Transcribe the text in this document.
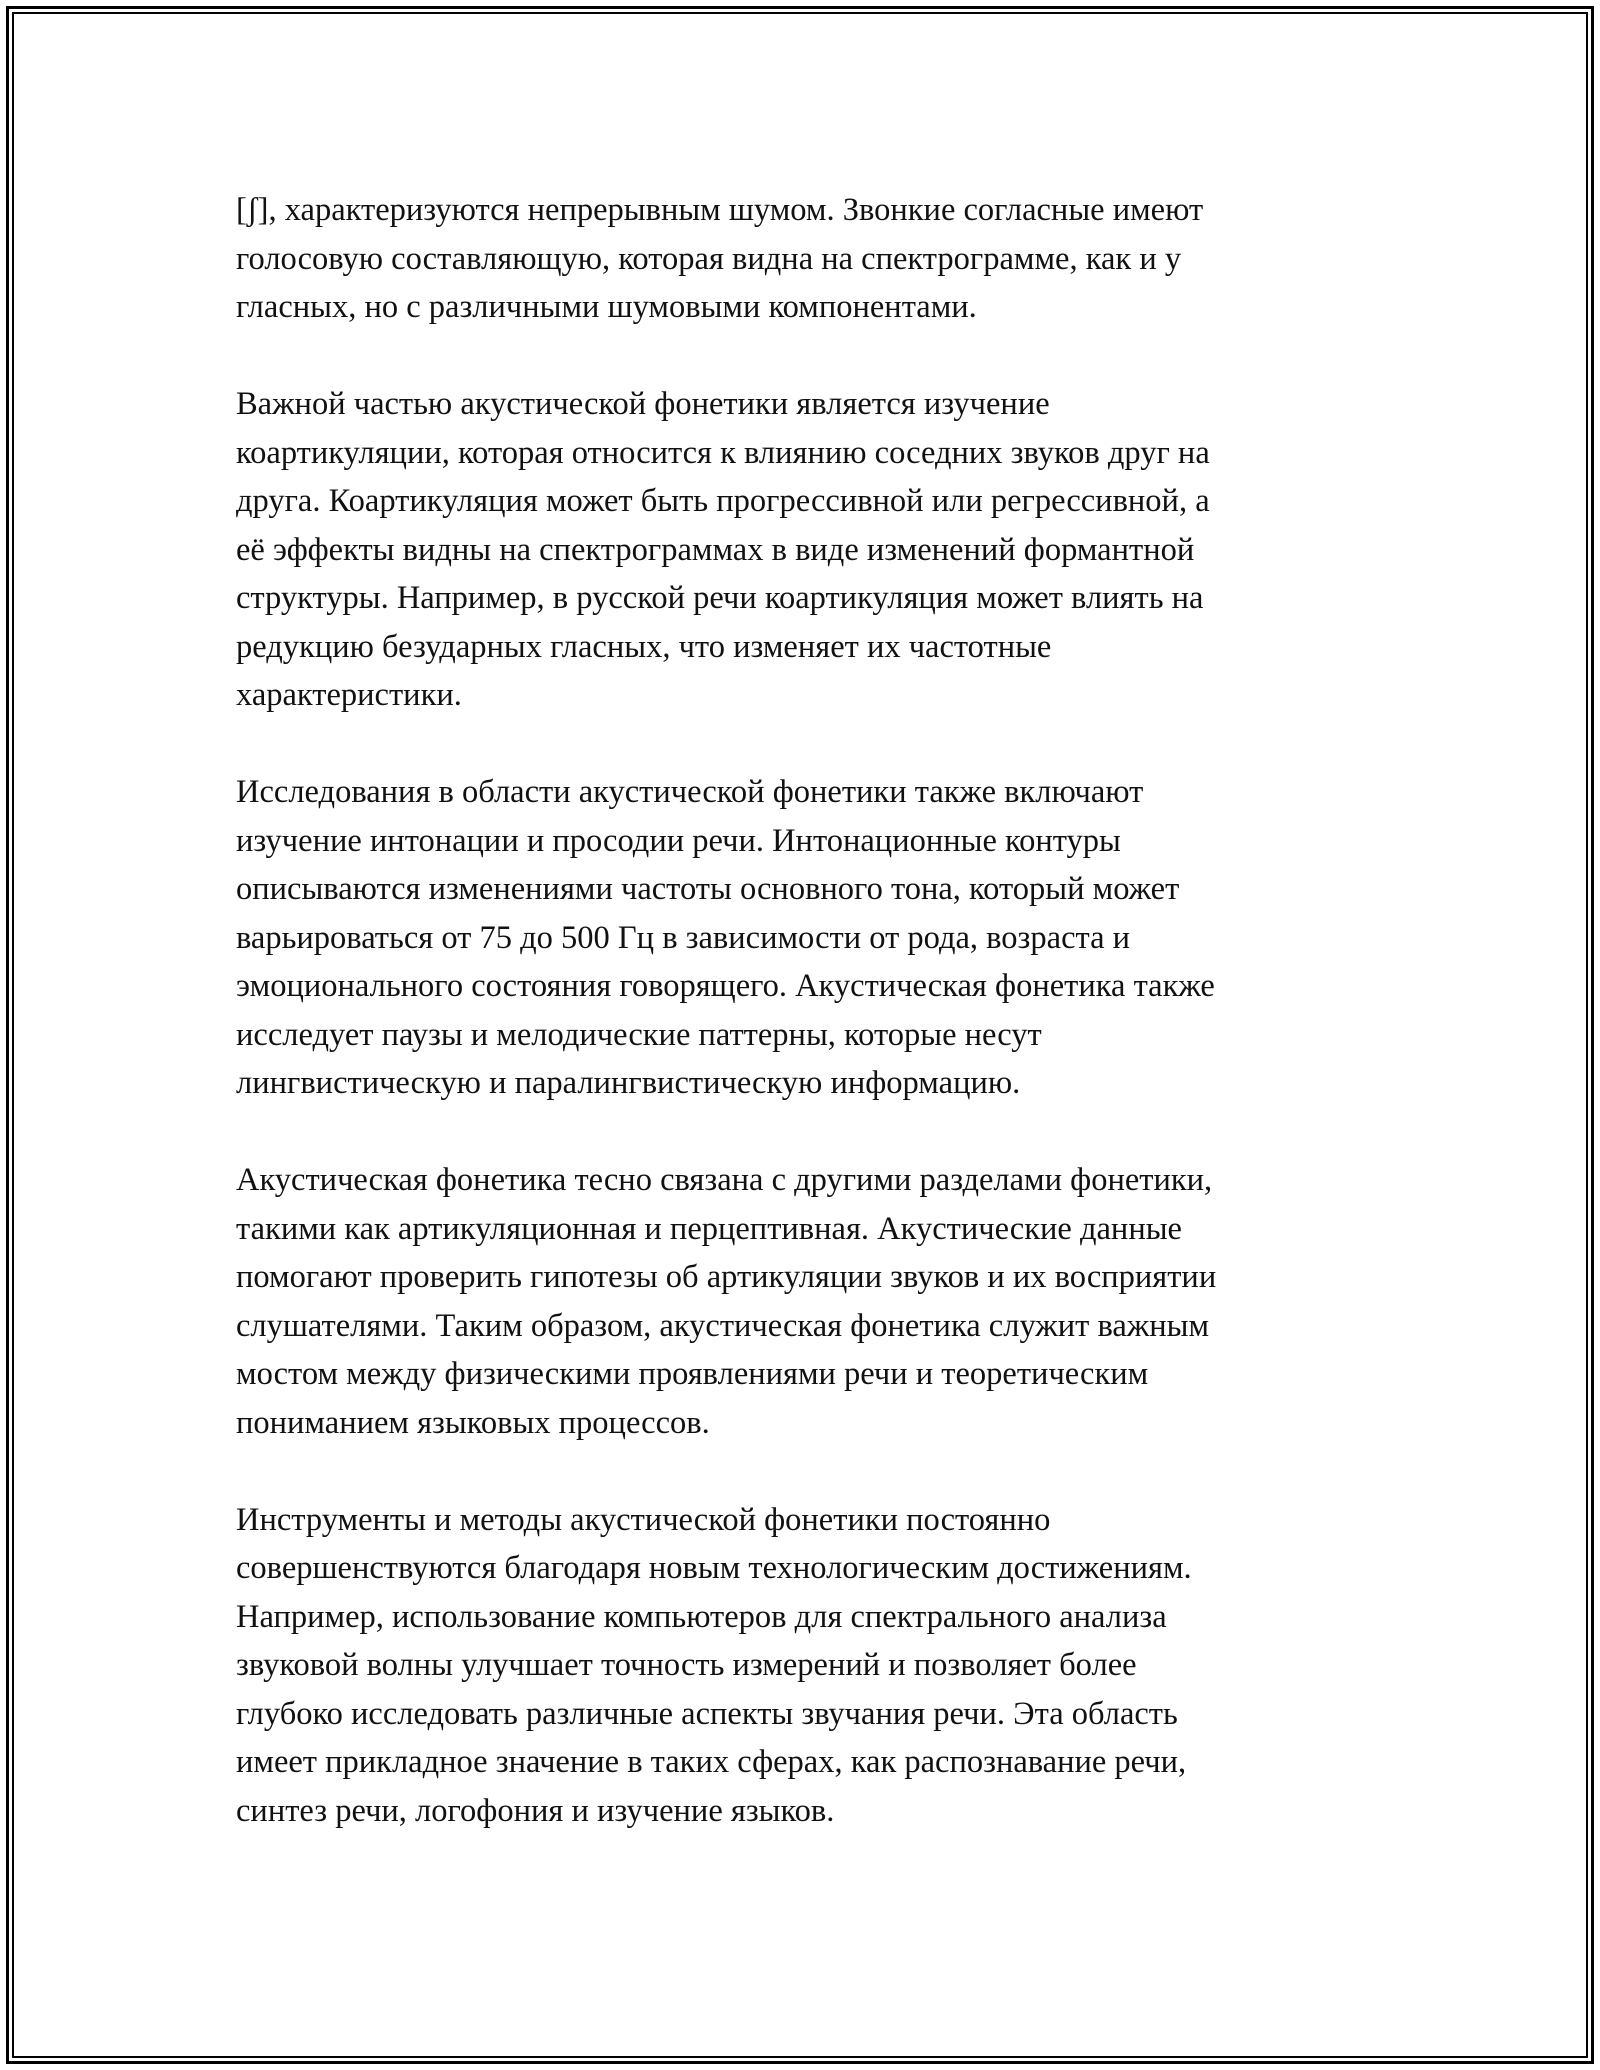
[ʃ], характеризуются непрерывным шумом. Звонкие согласные имеют
голосовую составляющую, которая видна на спектрограмме, как и у
гласных, но с различными шумовыми компонентами.

Важной частью акустической фонетики является изучение
коартикуляции, которая относится к влиянию соседних звуков друг на
друга. Коартикуляция может быть прогрессивной или регрессивной, а
её эффекты видны на спектрограммах в виде изменений формантной
структуры. Например, в русской речи коартикуляция может влиять на
редукцию безударных гласных, что изменяет их частотные
характеристики.

Исследования в области акустической фонетики также включают
изучение интонации и просодии речи. Интонационные контуры
описываются изменениями частоты основного тона, который может
варьироваться от 75 до 500 Гц в зависимости от рода, возраста и
эмоционального состояния говорящего. Акустическая фонетика также
исследует паузы и мелодические паттерны, которые несут
лингвистическую и паралингвистическую информацию.

Акустическая фонетика тесно связана с другими разделами фонетики,
такими как артикуляционная и перцептивная. Акустические данные
помогают проверить гипотезы об артикуляции звуков и их восприятии
слушателями. Таким образом, акустическая фонетика служит важным
мостом между физическими проявлениями речи и теоретическим
пониманием языковых процессов.

Инструменты и методы акустической фонетики постоянно
совершенствуются благодаря новым технологическим достижениям.
Например, использование компьютеров для спектрального анализа
звуковой волны улучшает точность измерений и позволяет более
глубоко исследовать различные аспекты звучания речи. Эта область
имеет прикладное значение в таких сферах, как распознавание речи,
синтез речи, логофония и изучение языков.
